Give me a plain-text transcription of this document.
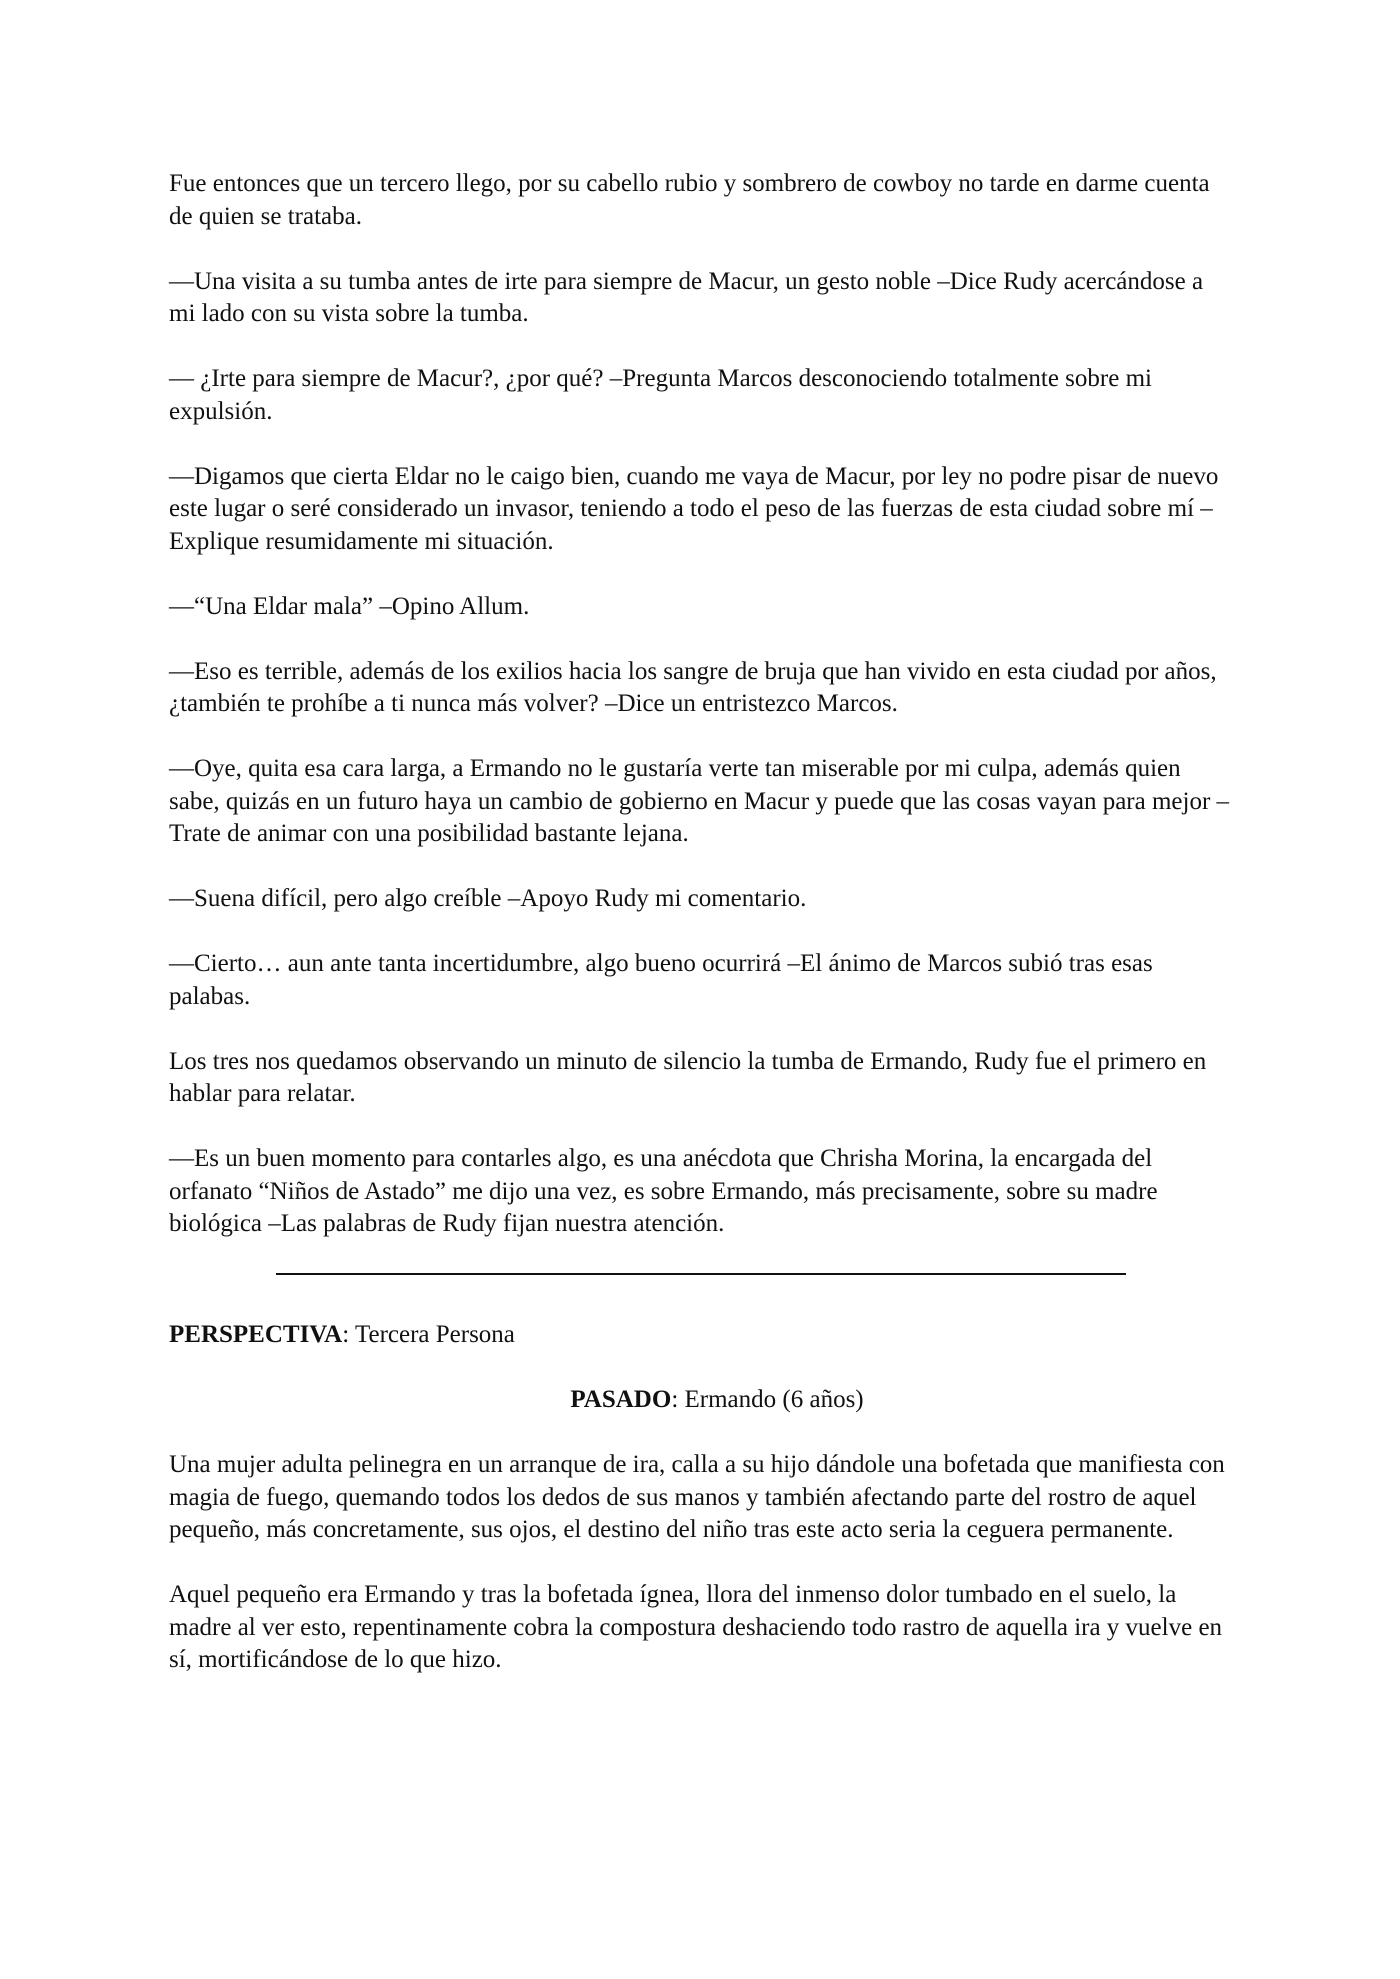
Fue entonces que un tercero llego, por su cabello rubio y sombrero de cowboy no tarde en darme cuenta de quien se trataba.

—Una visita a su tumba antes de irte para siempre de Macur, un gesto noble –Dice Rudy acercándose a mi lado con su vista sobre la tumba.

— ¿Irte para siempre de Macur?, ¿por qué? –Pregunta Marcos desconociendo totalmente sobre mi expulsión.

—Digamos que cierta Eldar no le caigo bien, cuando me vaya de Macur, por ley no podre pisar de nuevo este lugar o seré considerado un invasor, teniendo a todo el peso de las fuerzas de esta ciudad sobre mí –Explique resumidamente mi situación.

—“Una Eldar mala” –Opino Allum.

—Eso es terrible, además de los exilios hacia los sangre de bruja que han vivido en esta ciudad por años, ¿también te prohíbe a ti nunca más volver? –Dice un entristezco Marcos.

—Oye, quita esa cara larga, a Ermando no le gustaría verte tan miserable por mi culpa, además quien sabe, quizás en un futuro haya un cambio de gobierno en Macur y puede que las cosas vayan para mejor –Trate de animar con una posibilidad bastante lejana.

—Suena difícil, pero algo creíble –Apoyo Rudy mi comentario.

—Cierto… aun ante tanta incertidumbre, algo bueno ocurrirá –El ánimo de Marcos subió tras esas palabas.

Los tres nos quedamos observando un minuto de silencio la tumba de Ermando, Rudy fue el primero en hablar para relatar.

—Es un buen momento para contarles algo, es una anécdota que Chrisha Morina, la encargada del orfanato “Niños de Astado” me dijo una vez, es sobre Ermando, más precisamente, sobre su madre biológica –Las palabras de Rudy fijan nuestra atención.

PERSPECTIVA: Tercera Persona

PASADO: Ermando (6 años)

Una mujer adulta pelinegra en un arranque de ira, calla a su hijo dándole una bofetada que manifiesta con magia de fuego, quemando todos los dedos de sus manos y también afectando parte del rostro de aquel pequeño, más concretamente, sus ojos, el destino del niño tras este acto seria la ceguera permanente.

Aquel pequeño era Ermando y tras la bofetada ígnea, llora del inmenso dolor tumbado en el suelo, la madre al ver esto, repentinamente cobra la compostura deshaciendo todo rastro de aquella ira y vuelve en sí, mortificándose de lo que hizo.
